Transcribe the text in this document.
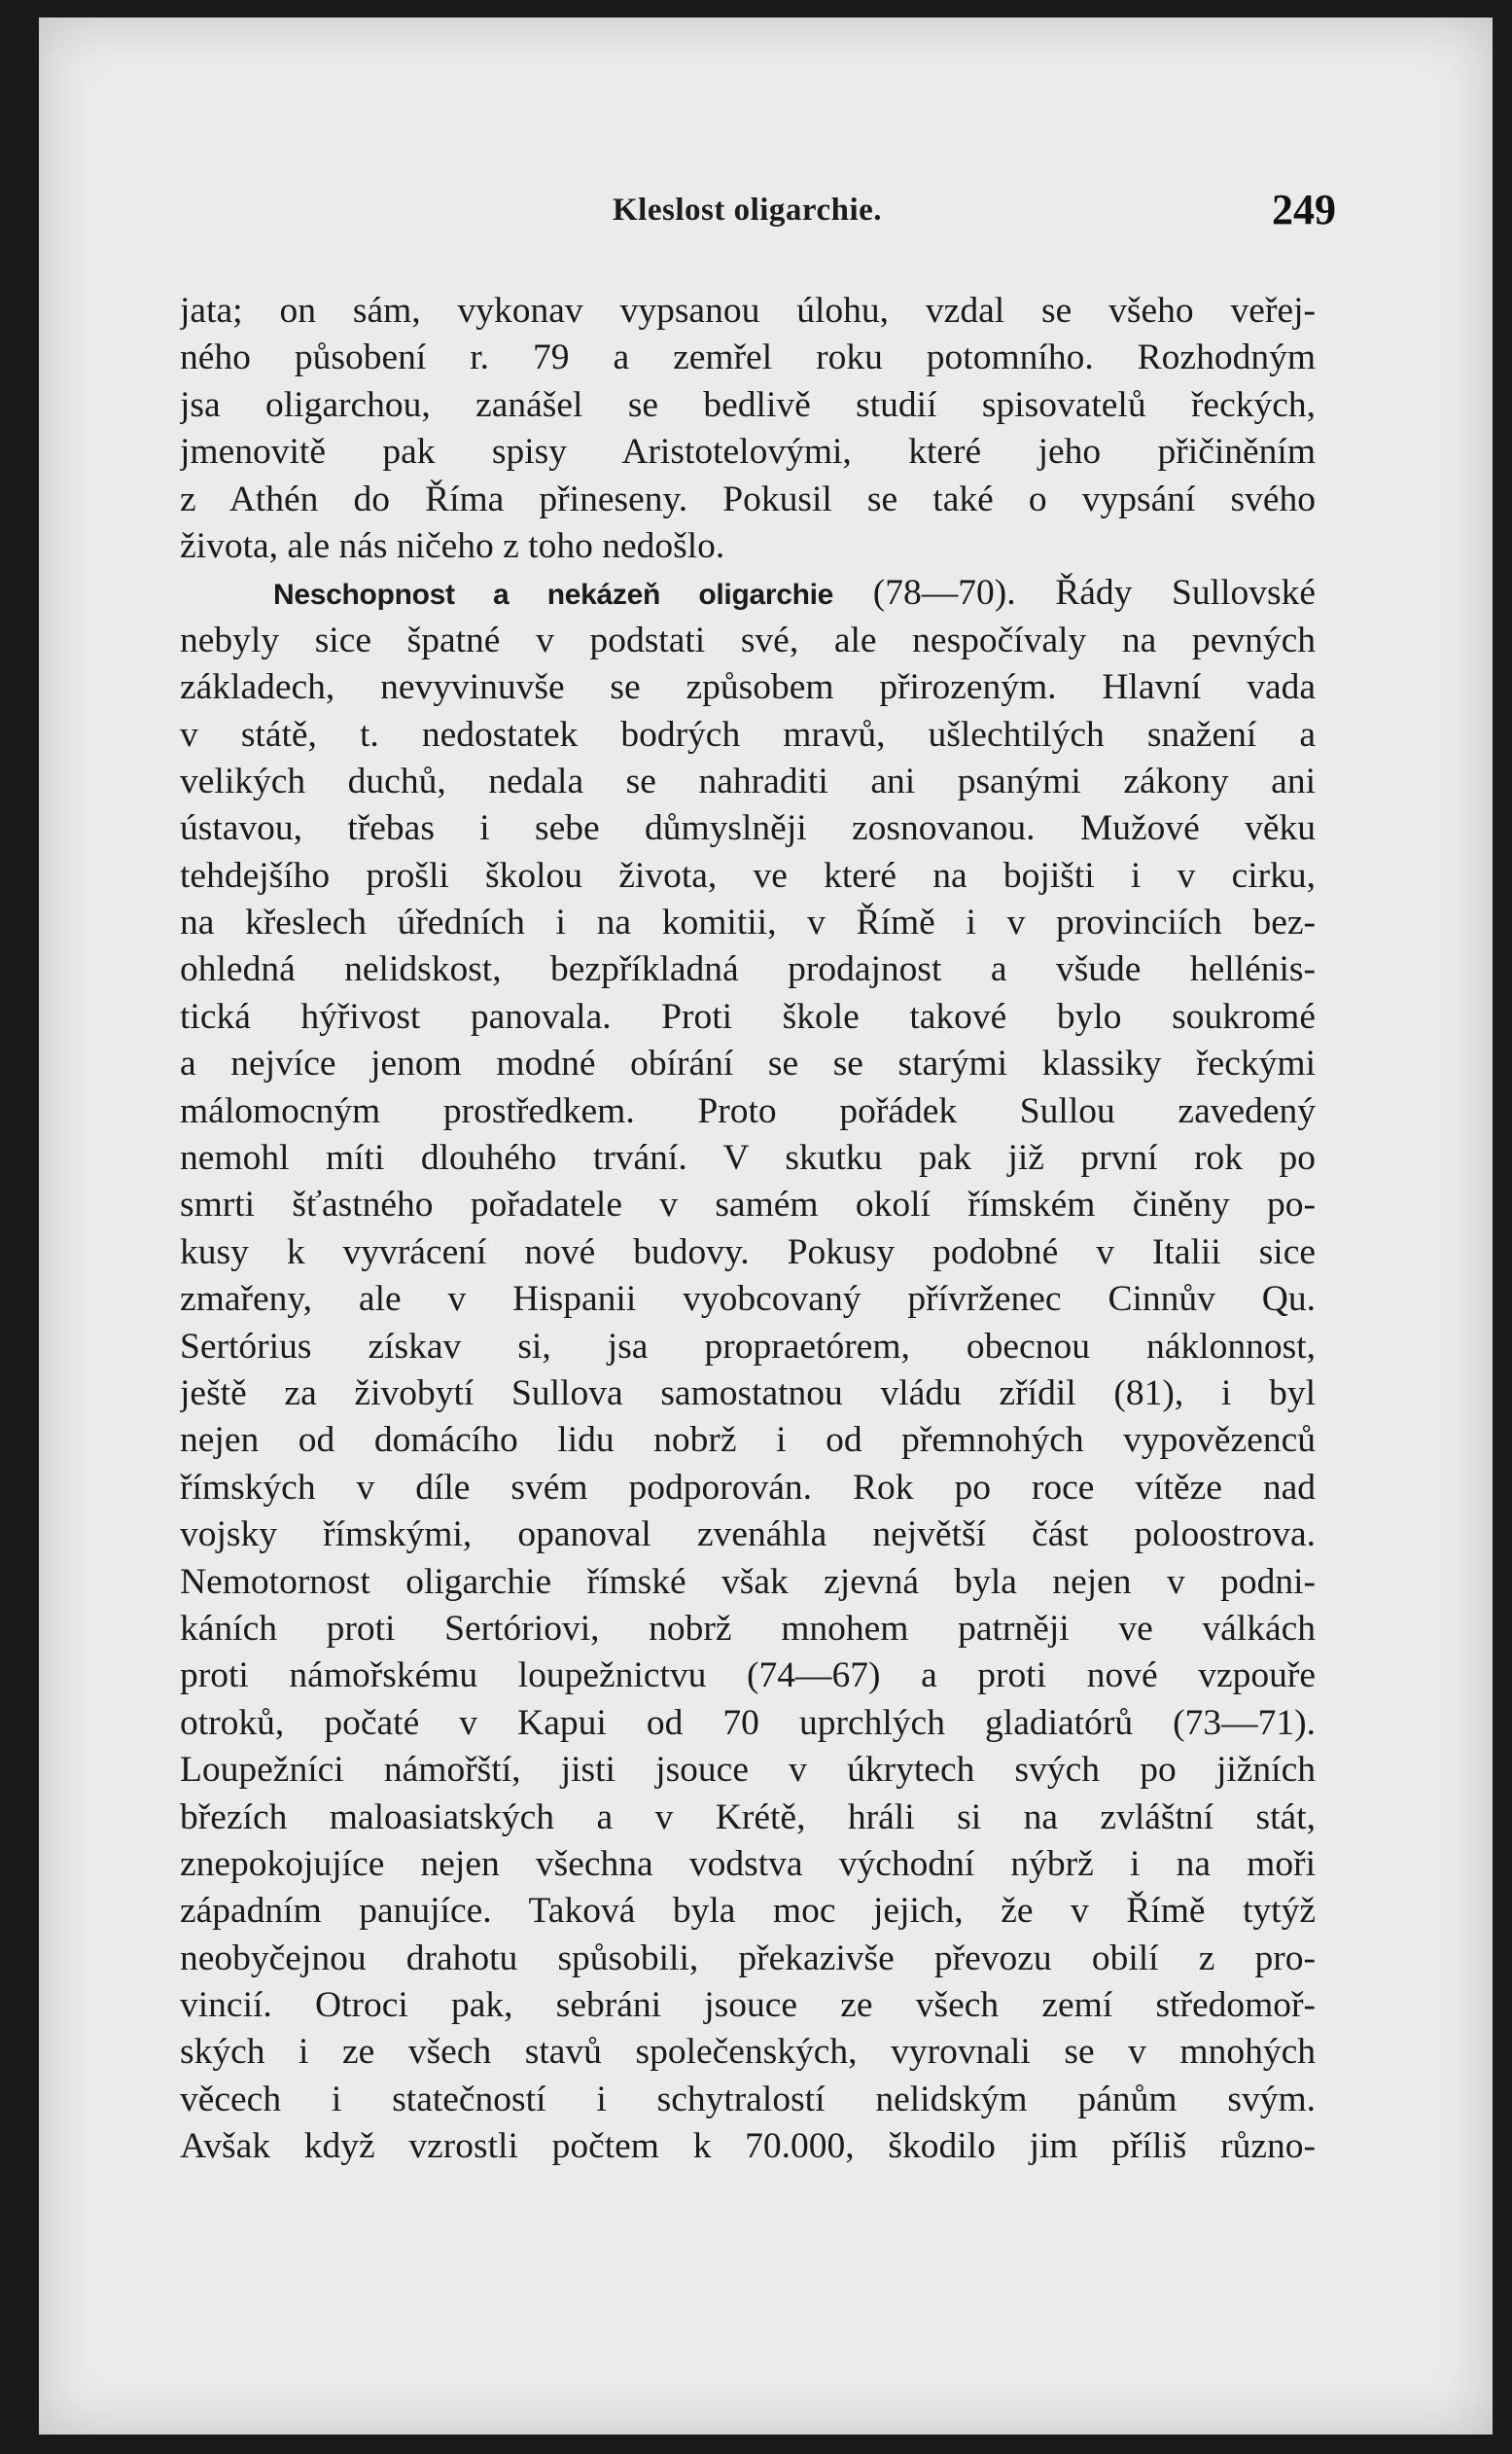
Kleslost oligarchie.	249
jata; on sám, vykonav vypsanou úlohu, vzdal se všeho veřej-
ného působení r. 79 a zemřel roku potomního. Rozhodným
jsa oligarchou, zanášel se bedlivě studií spisovatelů řeckých,
jmenovitě pak spisy Aristotelovými, které jeho přičiněním
z Athén do Říma přineseny. Pokusil se také o vypsání svého
života, ale nás ničeho z toho nedošlo.
Neschopnost a nekázeň oligarchie (78—70). Řády Sullovské
nebyly sice špatné v podstati své, ale nespočívaly na pevných
základech, nevyvinuvše se způsobem přirozeným. Hlavní vada
v státě, t. nedostatek bodrých mravů, ušlechtilých snažení a
velikých duchů, nedala se nahraditi ani psanými zákony ani
ústavou, třebas i sebe důmyslněji zosnovanou. Mužové věku
tehdejšího prošli školou života, ve které na bojišti i v cirku,
na křeslech úředních i na komitii, v Římě i v provinciích bez-
ohledná nelidskost, bezpříkladná prodajnost a všude hellénis-
tická hýřivost panovala. Proti škole takové bylo soukromé
a nejvíce jenom modné obírání se se starými klassiky řeckými
málomocným prostředkem. Proto pořádek Sullou zavedený
nemohl míti dlouhého trvání. V skutku pak již první rok po
smrti šťastného pořadatele v samém okolí římském činěny po-
kusy k vyvrácení nové budovy. Pokusy podobné v Italii sice
zmařeny, ale v Hispanii vyobcovaný přívrženec Cinnův Qu.
Sertórius získav si, jsa propraetórem, obecnou náklonnost,
ještě za živobytí Sullova samostatnou vládu zřídil (81), i byl
nejen od domácího lidu nobrž i od přemnohých vypovězenců
římských v díle svém podporován. Rok po roce vítěze nad
vojsky římskými, opanoval zvenáhla největší část poloostrova.
Nemotornost oligarchie římské však zjevná byla nejen v podni-
káních proti Sertóriovi, nobrž mnohem patrněji ve válkách
proti námořskému loupežnictvu (74—67) a proti nové vzpouře
otroků, počaté v Kapui od 70 uprchlých gladiatórů (73—71).
Loupežníci námořští, jisti jsouce v úkrytech svých po jižních
březích maloasiatských a v Krétě, hráli si na zvláštní stát,
znepokojujíce nejen všechna vodstva východní nýbrž i na moři
západním panujíce. Taková byla moc jejich, že v Římě tytýž
neobyčejnou drahotu spůsobili, překazivše převozu obilí z pro-
vincií. Otroci pak, sebráni jsouce ze všech zemí středomoř-
ských i ze všech stavů společenských, vyrovnali se v mnohých
věcech i statečností i schytralostí nelidským pánům svým.
Avšak když vzrostli počtem k 70.000, škodilo jim příliš různo-
